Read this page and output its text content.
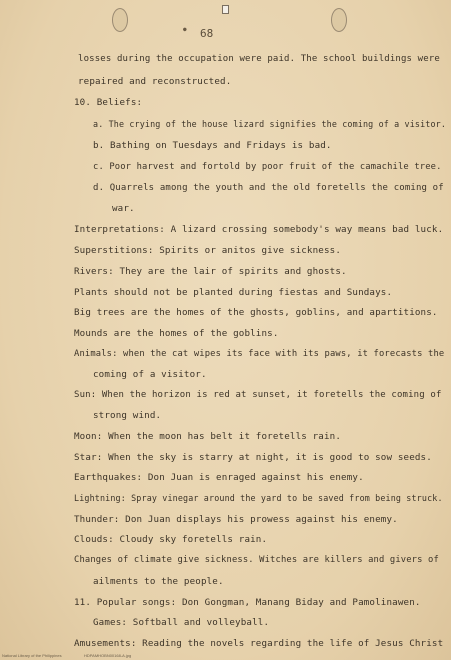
● 68
losses during the occupation were paid. The school buildings were
repaired and reconstructed.
10. Beliefs:
a. The crying of the house lizard signifies the coming of a visitor.
b. Bathing on Tuesdays and Fridays is bad.
c. Poor harvest and fortold by poor fruit of the camachile tree.
d. Quarrels among the youth and the old foretells the coming of
war.
Interpretations: A lizard crossing somebody's way means bad luck.
Superstitions: Spirits or anitos give sickness.
Rivers: They are the lair of spirits and ghosts.
Plants should not be planted during fiestas and Sundays.
Big trees are the homes of the ghosts, goblins, and apartitions.
Mounds are the homes of the goblins.
Animals: when the cat wipes its face with its paws, it forecasts the
coming of a visitor.
Sun: When the horizon is red at sunset, it foretells the coming of
strong wind.
Moon: When the moon has belt it foretells rain.
Star: When the sky is starry at night, it is good to sow seeds.
Earthquakes: Don Juan is enraged against his enemy.
Lightning: Spray vinegar around the yard to be saved from being struck.
Thunder: Don Juan displays his prowess against his enemy.
Clouds: Cloudy sky foretells rain.
Changes of climate give sickness. Witches are killers and givers of
ailments to the people.
11. Popular songs: Don Gongman, Manang Biday and Pamolinawen.
Games: Softball and volleyball.
Amusements: Reading the novels regarding the life of Jesus Christ
National Library of the Philippines	HDPAMHOBN00168-A.jpg
